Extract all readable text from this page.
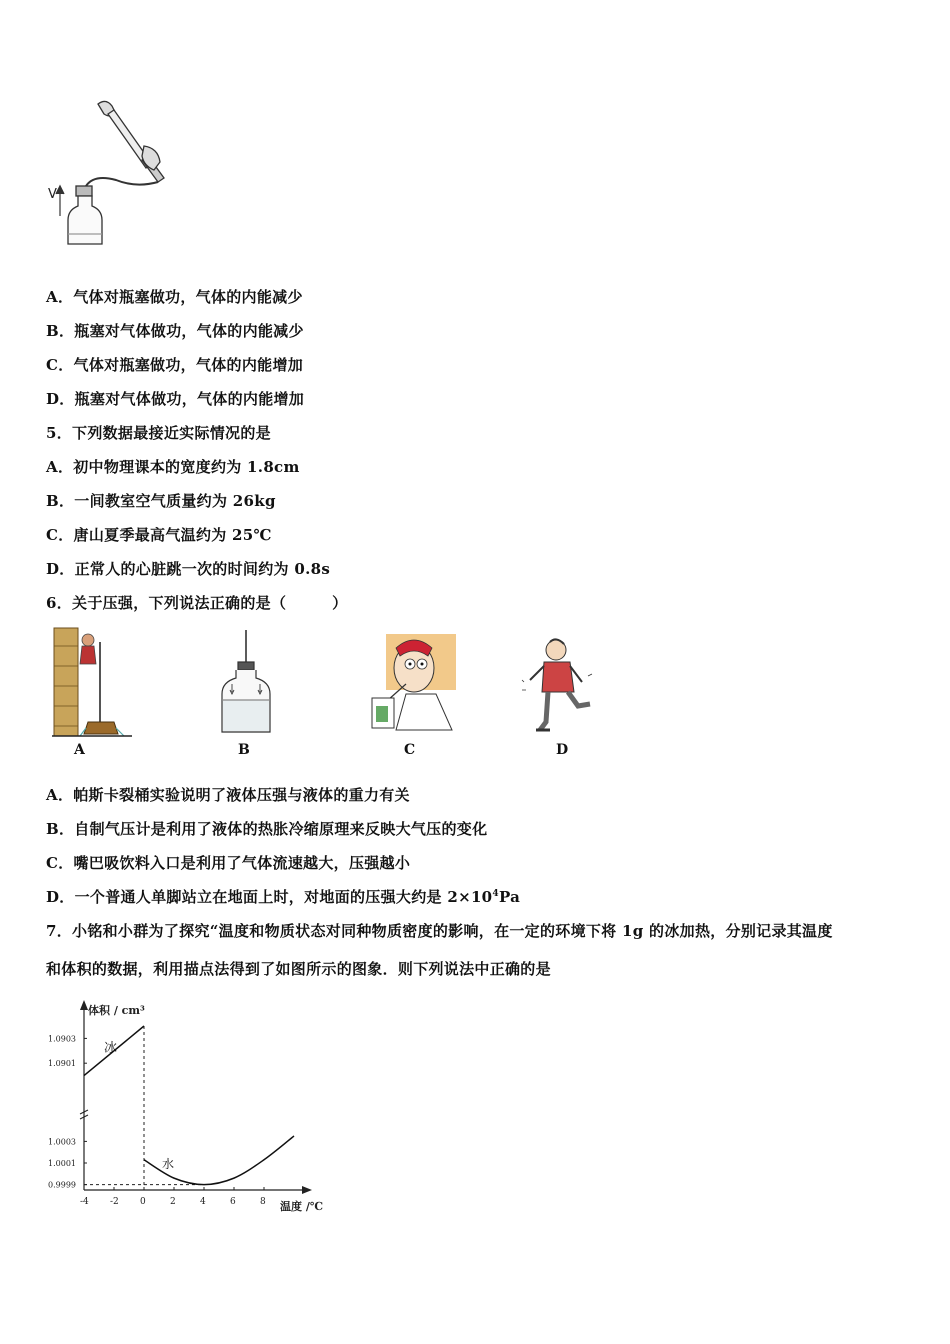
V
A．气体对瓶塞做功，气体的内能减少
B．瓶塞对气体做功，气体的内能减少
C．气体对瓶塞做功，气体的内能增加
D．瓶塞对气体做功，气体的内能增加
5．下列数据最接近实际情况的是
A．初中物理课本的宽度约为 1.8cm
B．一间教室空气质量约为 26kg
C．唐山夏季最高气温约为 25℃
D．正常人的心脏跳一次的时间约为 0.8s
6．关于压强，下列说法正确的是（　　　）
A	B	C	D
A．帕斯卡裂桶实验说明了液体压强与液体的重力有关
B．自制气压计是利用了液体的热胀冷缩原理来反映大气压的变化
C．嘴巴吸饮料入口是利用了气体流速越大，压强越小
D．一个普通人单脚站立在地面上时，对地面的压强大约是 $2\times 10^4Pa$
7．小铭和小群为了探究“温度和物质状态对同种物质密度的影响，在一定的环境下将 1g 的冰加热，分别记录其温度
和体积的数据，利用描点法得到了如图所示的图象．则下列说法中正确的是
体积 / cm³
温度 /℃
-4 -2 0	2	4	6	8
1.0903
1.0901
1.0003
1.0001
0.9999
冰
水
